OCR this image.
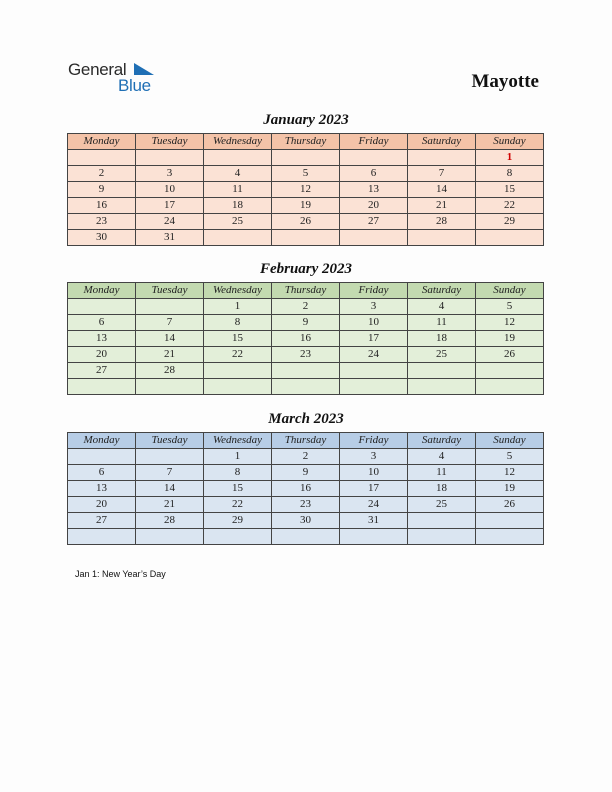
General
Blue	Mayotte
January 2023
Monday	Tuesday	Wednesday	Thursday	Friday	Saturday	Sunday
						1
2	3	4	5	6	7	8
9	10	11	12	13	14	15
16	17	18	19	20	21	22
23	24	25	26	27	28	29
30	31					
February 2023
Monday	Tuesday	Wednesday	Thursday	Friday	Saturday	Sunday
		1	2	3	4	5
6	7	8	9	10	11	12
13	14	15	16	17	18	19
20	21	22	23	24	25	26
27	28					

March 2023
Monday	Tuesday	Wednesday	Thursday	Friday	Saturday	Sunday
		1	2	3	4	5
6	7	8	9	10	11	12
13	14	15	16	17	18	19
20	21	22	23	24	25	26
27	28	29	30	31		

Jan 1: New Year’s Day
